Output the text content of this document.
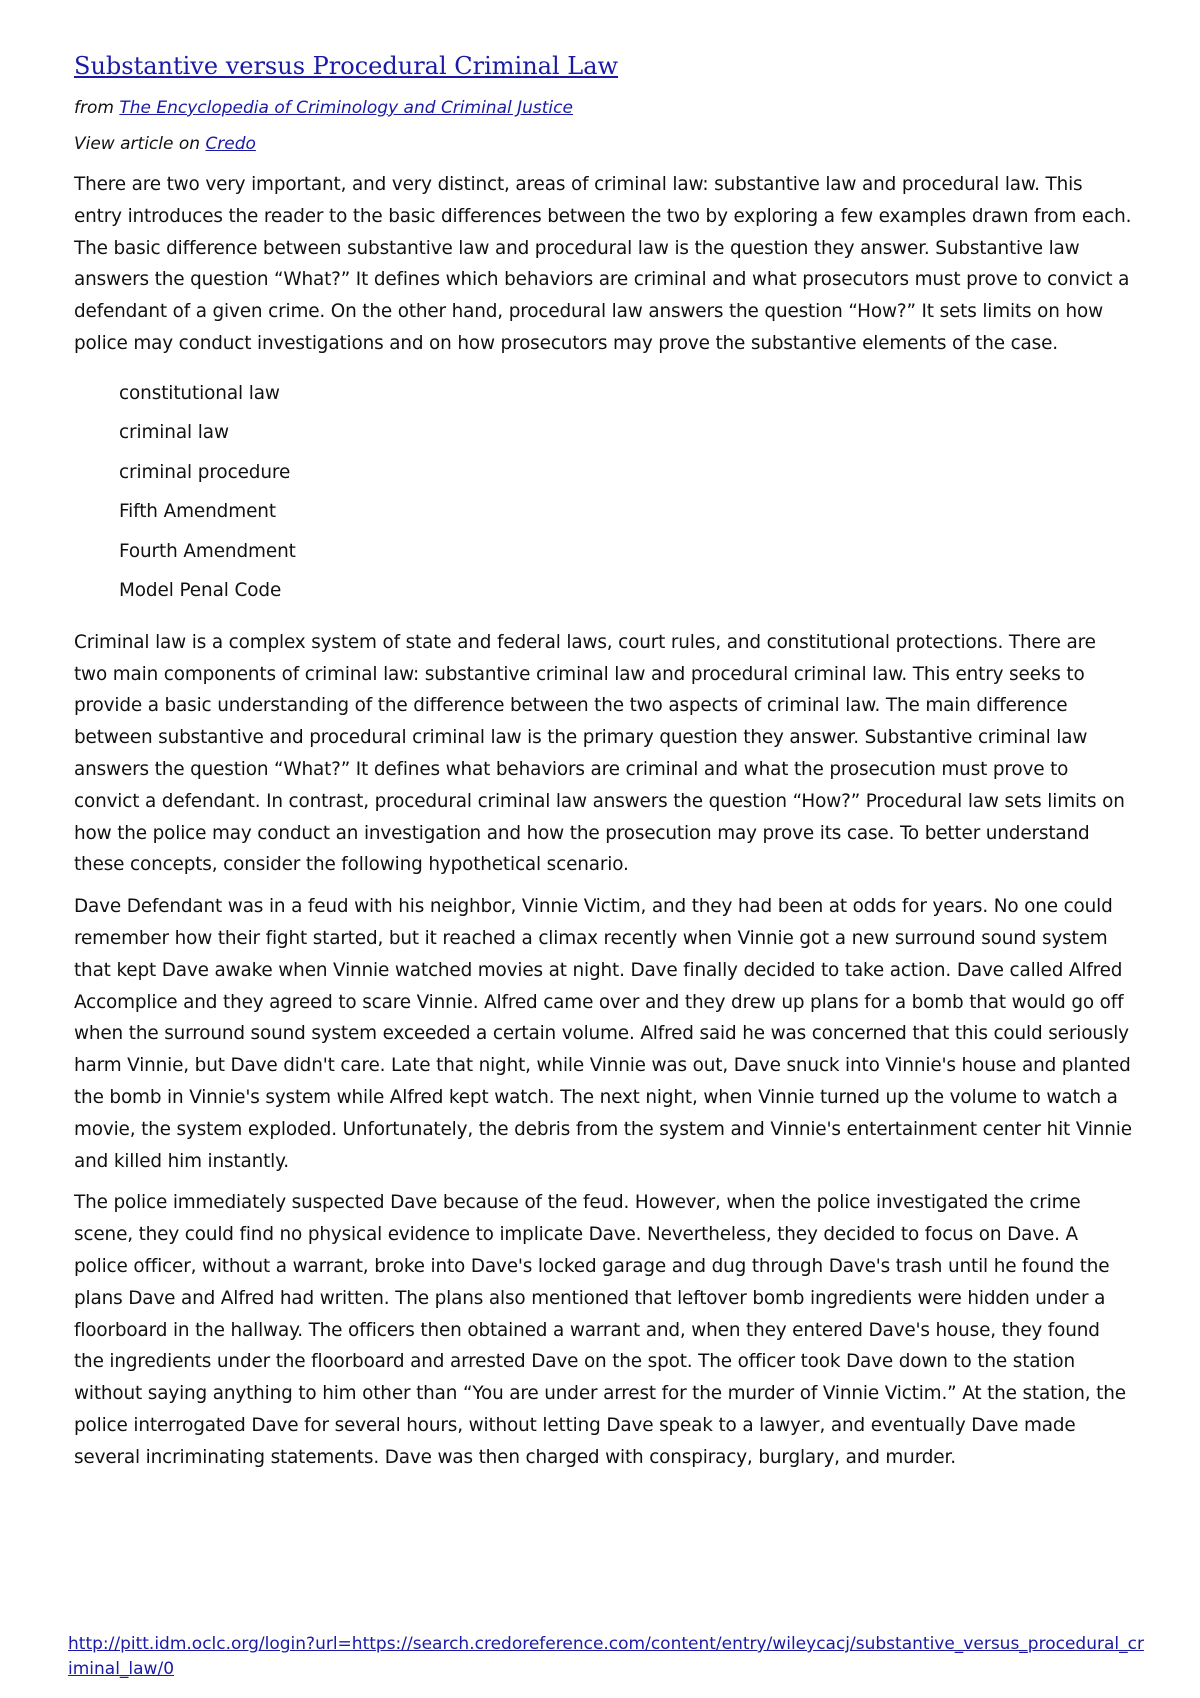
Substantive versus Procedural Criminal Law
from The Encyclopedia of Criminology and Criminal Justice
View article on Credo

There are two very important, and very distinct, areas of criminal law: substantive law and procedural law. This entry introduces the reader to the basic differences between the two by exploring a few examples drawn from each. The basic difference between substantive law and procedural law is the question they answer. Substantive law answers the question “What?” It defines which behaviors are criminal and what prosecutors must prove to convict a defendant of a given crime. On the other hand, procedural law answers the question “How?” It sets limits on how police may conduct investigations and on how prosecutors may prove the substantive elements of the case.

constitutional law
criminal law
criminal procedure
Fifth Amendment
Fourth Amendment
Model Penal Code

Criminal law is a complex system of state and federal laws, court rules, and constitutional protections. There are two main components of criminal law: substantive criminal law and procedural criminal law. This entry seeks to provide a basic understanding of the difference between the two aspects of criminal law. The main difference between substantive and procedural criminal law is the primary question they answer. Substantive criminal law answers the question “What?” It defines what behaviors are criminal and what the prosecution must prove to convict a defendant. In contrast, procedural criminal law answers the question “How?” Procedural law sets limits on how the police may conduct an investigation and how the prosecution may prove its case. To better understand these concepts, consider the following hypothetical scenario.

Dave Defendant was in a feud with his neighbor, Vinnie Victim, and they had been at odds for years. No one could remember how their fight started, but it reached a climax recently when Vinnie got a new surround sound system that kept Dave awake when Vinnie watched movies at night. Dave finally decided to take action. Dave called Alfred Accomplice and they agreed to scare Vinnie. Alfred came over and they drew up plans for a bomb that would go off when the surround sound system exceeded a certain volume. Alfred said he was concerned that this could seriously harm Vinnie, but Dave didn't care. Late that night, while Vinnie was out, Dave snuck into Vinnie's house and planted the bomb in Vinnie's system while Alfred kept watch. The next night, when Vinnie turned up the volume to watch a movie, the system exploded. Unfortunately, the debris from the system and Vinnie's entertainment center hit Vinnie and killed him instantly.

The police immediately suspected Dave because of the feud. However, when the police investigated the crime scene, they could find no physical evidence to implicate Dave. Nevertheless, they decided to focus on Dave. A police officer, without a warrant, broke into Dave's locked garage and dug through Dave's trash until he found the plans Dave and Alfred had written. The plans also mentioned that leftover bomb ingredients were hidden under a floorboard in the hallway. The officers then obtained a warrant and, when they entered Dave's house, they found the ingredients under the floorboard and arrested Dave on the spot. The officer took Dave down to the station without saying anything to him other than “You are under arrest for the murder of Vinnie Victim.” At the station, the police interrogated Dave for several hours, without letting Dave speak to a lawyer, and eventually Dave made several incriminating statements. Dave was then charged with conspiracy, burglary, and murder.

http://pitt.idm.oclc.org/login?url=https://search.credoreference.com/content/entry/wileycacj/substantive_versus_procedural_criminal_law/0
